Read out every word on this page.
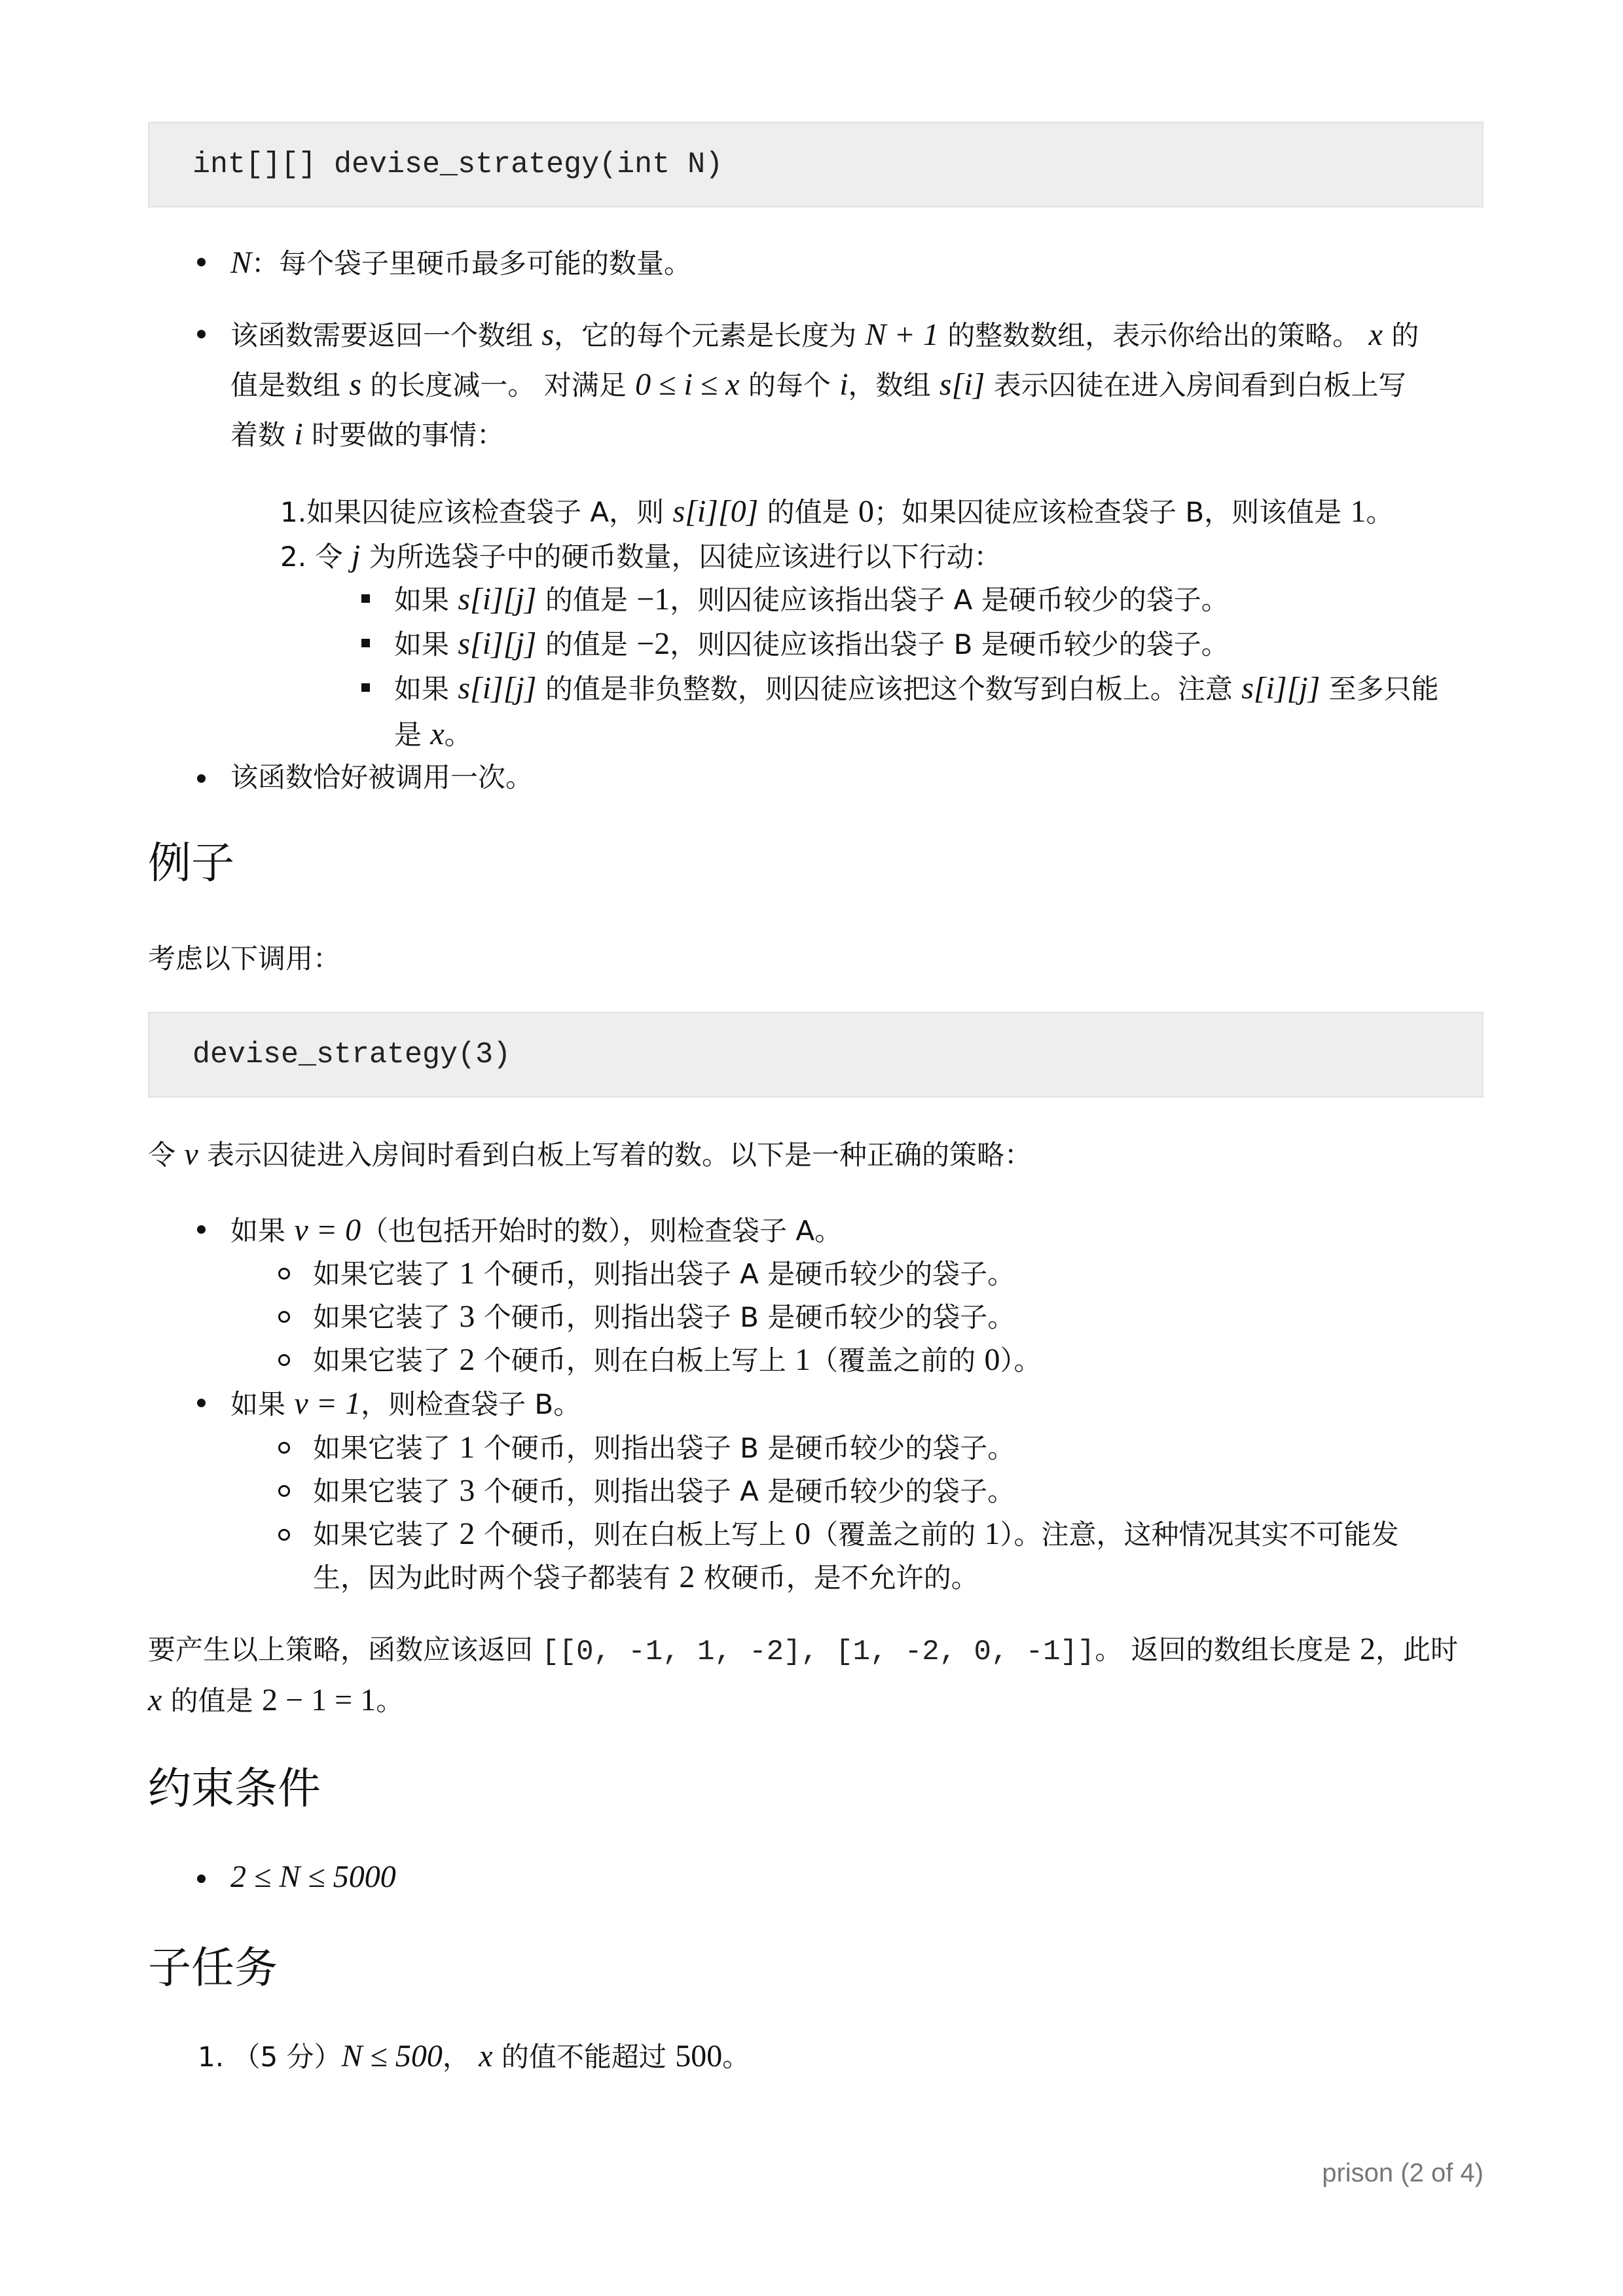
int[][] devise_strategy(int N)
N：每个袋子里硬币最多可能的数量。
该函数需要返回一个数组 s，它的每个元素是长度为 N + 1 的整数数组，表示你给出的策略。 x 的
值是数组 s 的长度减一。 对满足 0 ≤ i ≤ x 的每个 i，数组 s[i] 表示囚徒在进入房间看到白板上写
着数 i 时要做的事情：
1.如果囚徒应该检查袋子 A，则 s[i][0] 的值是 0；如果囚徒应该检查袋子 B，则该值是 1。
2. 令 j 为所选袋子中的硬币数量，囚徒应该进行以下行动：
如果 s[i][j] 的值是 −1，则囚徒应该指出袋子 A 是硬币较少的袋子。
如果 s[i][j] 的值是 −2，则囚徒应该指出袋子 B 是硬币较少的袋子。
如果 s[i][j] 的值是非负整数，则囚徒应该把这个数写到白板上。注意 s[i][j] 至多只能
是 x。
该函数恰好被调用一次。
例子
考虑以下调用：
devise_strategy(3)
令 v 表示囚徒进入房间时看到白板上写着的数。以下是一种正确的策略：
如果 v = 0（也包括开始时的数），则检查袋子 A。
如果它装了 1 个硬币，则指出袋子 A 是硬币较少的袋子。
如果它装了 3 个硬币，则指出袋子 B 是硬币较少的袋子。
如果它装了 2 个硬币，则在白板上写上 1（覆盖之前的 0）。
如果 v = 1，则检查袋子 B。
如果它装了 1 个硬币，则指出袋子 B 是硬币较少的袋子。
如果它装了 3 个硬币，则指出袋子 A 是硬币较少的袋子。
如果它装了 2 个硬币，则在白板上写上 0（覆盖之前的 1）。注意，这种情况其实不可能发
生，因为此时两个袋子都装有 2 枚硬币，是不允许的。
要产生以上策略，函数应该返回 [[0, -1, 1, -2], [1, -2, 0, -1]]。 返回的数组长度是 2，此时
x 的值是 2 − 1 = 1。
约束条件
2 ≤ N ≤ 5000
子任务
1. （5 分）N ≤ 500， x 的值不能超过 500。
prison (2 of 4)
